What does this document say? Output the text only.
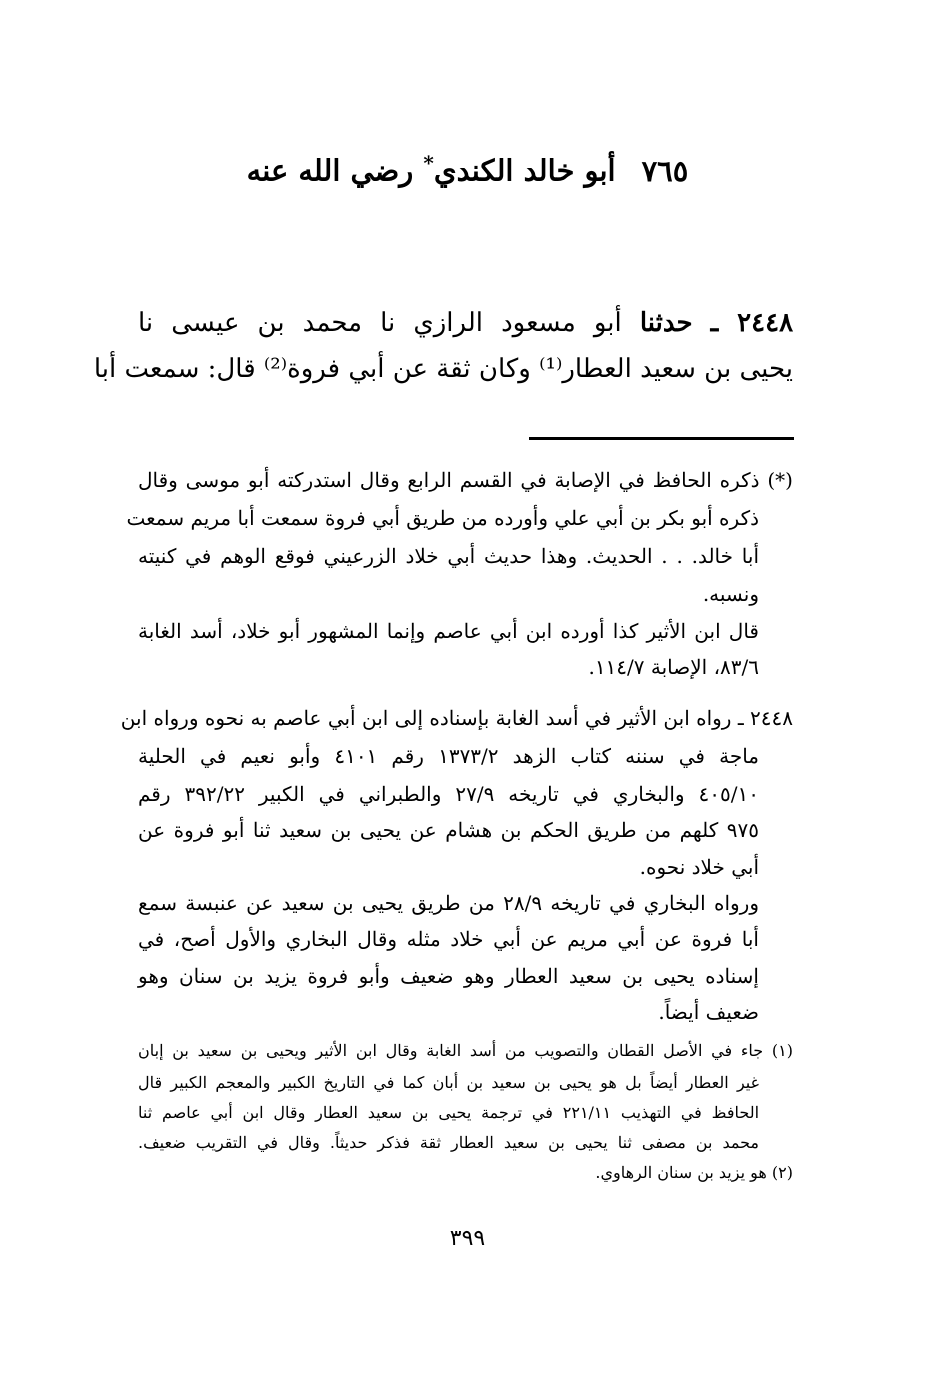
٧٦٥أبو خالد الكندي* رضي الله عنه
٢٤٤٨ ـ حدثنا أبو مسعود الرازي نا محمد بن عيسى نا
يحيى بن سعيد العطار⁽¹⁾ وكان ثقة عن أبي فروة⁽²⁾ قال: سمعت أبا
(*) ذكره الحافظ في الإصابة في القسم الرابع وقال استدركته أبو موسى وقال
ذكره أبو بكر بن أبي علي وأورده من طريق أبي فروة سمعت أبا مريم سمعت
أبا خالد. . . الحديث. وهذا حديث أبي خلاد الزرعيني فوقع الوهم في كنيته
ونسبه.
قال ابن الأثير كذا أورده ابن أبي عاصم وإنما المشهور أبو خلاد، أسد الغابة
٨٣/٦، الإصابة ١١٤/٧.
٢٤٤٨ ـ رواه ابن الأثير في أسد الغابة بإسناده إلى ابن أبي عاصم به نحوه ورواه ابن
ماجة في سننه كتاب الزهد ١٣٧٣/٢ رقم ٤١٠١ وأبو نعيم في الحلية
٤٠٥/١٠ والبخاري في تاريخه ٢٧/٩ والطبراني في الكبير ٣٩٢/٢٢ رقم
٩٧٥ كلهم من طريق الحكم بن هشام عن يحيى بن سعيد ثنا أبو فروة عن
أبي خلاد نحوه.
ورواه البخاري في تاريخه ٢٨/٩ من طريق يحيى بن سعيد عن عنبسة سمع
أبا فروة عن أبي مريم عن أبي خلاد مثله وقال البخاري والأول أصح، في
إسناده يحيى بن سعيد العطار وهو ضعيف وأبو فروة يزيد بن سنان وهو
ضعيف أيضاً.
(١) جاء في الأصل القطان والتصويب من أسد الغابة وقال ابن الأثير ويحيى بن سعيد بن إبان
غير العطار أيضاً بل هو يحيى بن سعيد بن أبان كما في التاريخ الكبير والمعجم الكبير قال
الحافظ في التهذيب ٢٢١/١١ في ترجمة يحيى بن سعيد العطار وقال ابن أبي عاصم ثنا
محمد بن مصفى ثنا يحيى بن سعيد العطار ثقة فذكر حديثاً. وقال في التقريب ضعيف.
(٢) هو يزيد بن سنان الرهاوي.
٣٩٩
